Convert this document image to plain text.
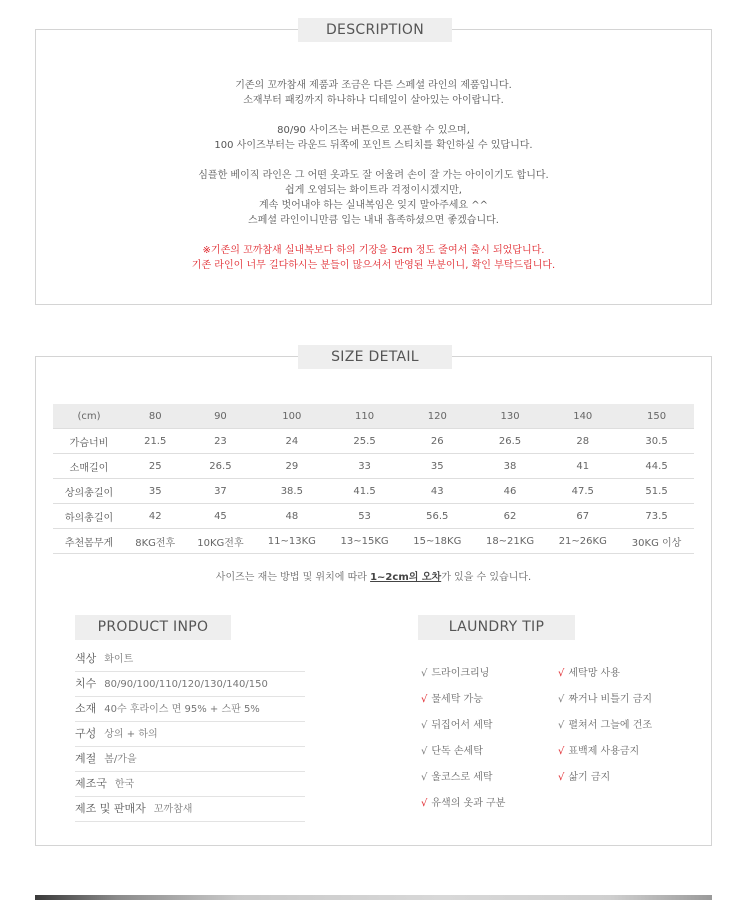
DESCRIPTION

기존의 꼬까참새 제품과 조금은 다른 스페셜 라인의 제품입니다.
소재부터 패킹까지 하나하나 디테일이 살아있는 아이랍니다.

80/90 사이즈는 버튼으로 오픈할 수 있으며,
100 사이즈부터는 라운드 뒤쪽에 포인트 스티치를 확인하실 수 있답니다.

심플한 베이직 라인은 그 어떤 옷과도 잘 어울려 손이 잘 가는 아이이기도 합니다.
쉽게 오염되는 화이트라 걱정이시겠지만,
계속 벗어내야 하는 실내복임은 잊지 말아주세요 ^^
스페셜 라인이니만큼 입는 내내 흡족하셨으면 좋겠습니다.

※기존의 꼬까참새 실내복보다 하의 기장을 3cm 정도 줄여서 출시 되었답니다.
기존 라인이 너무 길다하시는 분들이 많으셔서 반영된 부분이니, 확인 부탁드립니다.

SIZE DETAIL
(cm)	80	90	100	110	120	130	140	150
가슴너비	21.5	23	24	25.5	26	26.5	28	30.5
소매길이	25	26.5	29	33	35	38	41	44.5
상의총길이	35	37	38.5	41.5	43	46	47.5	51.5
하의총길이	42	45	48	53	56.5	62	67	73.5
추천몸무게	8KG전후	10KG전후	11~13KG	13~15KG	15~18KG	18~21KG	21~26KG	30KG 이상
사이즈는 재는 방법 및 위치에 따라 1~2cm의 오차가 있을 수 있습니다.
PRODUCT INPO
색상 화이트
치수 80/90/100/110/120/130/140/150
소재 40수 후라이스 면 95% + 스판 5%
구성 상의 + 하의
계절 봄/가을
제조국 한국
제조 및 판매자 꼬까참새
LAUNDRY TIP
√ 드라이크리닝
√ 물세탁 가능
√ 뒤집어서 세탁
√ 단독 손세탁
√ 울코스로 세탁
√ 유색의 옷과 구분
√ 세탁망 사용
√ 짜거나 비틀기 금지
√ 펼쳐서 그늘에 건조
√ 표백제 사용금지
√ 삶기 금지
